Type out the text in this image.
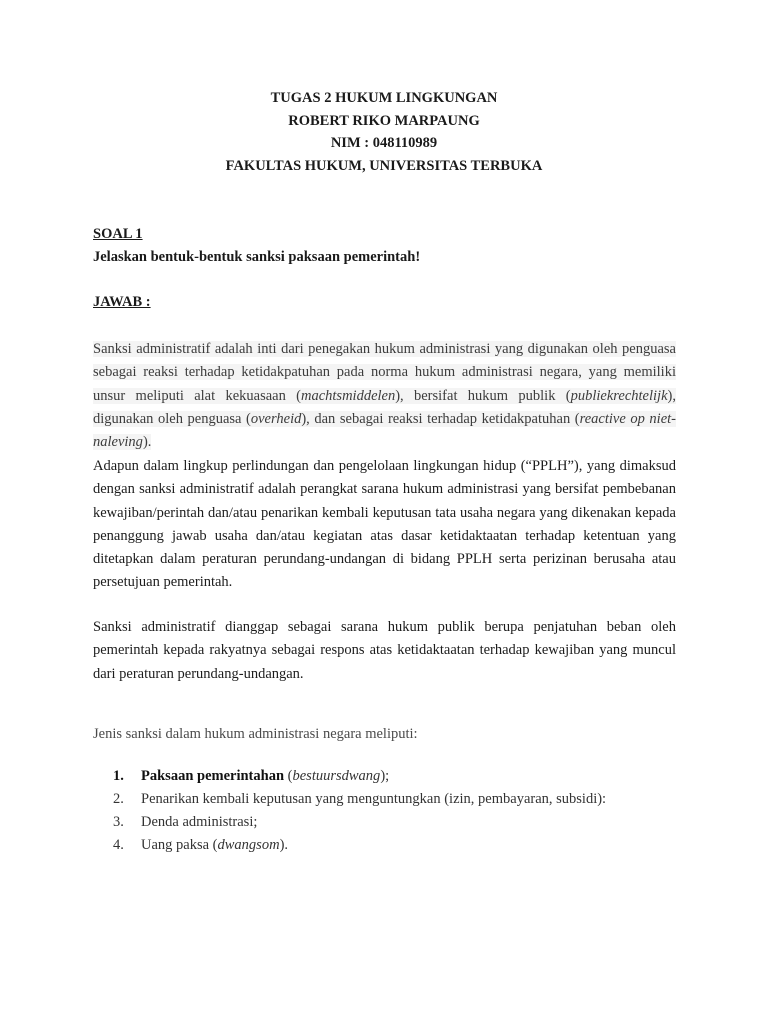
TUGAS 2 HUKUM LINGKUNGAN
ROBERT RIKO MARPAUNG
NIM : 048110989
FAKULTAS HUKUM, UNIVERSITAS TERBUKA
SOAL 1
Jelaskan bentuk-bentuk sanksi paksaan pemerintah!
JAWAB :
Sanksi administratif adalah inti dari penegakan hukum administrasi yang digunakan oleh penguasa sebagai reaksi terhadap ketidakpatuhan pada norma hukum administrasi negara, yang memiliki unsur meliputi alat kekuasaan (machtsmiddelen), bersifat hukum publik (publiekrechtelijk), digunakan oleh penguasa (overheid), dan sebagai reaksi terhadap ketidakpatuhan (reactive op niet-naleving).
Adapun dalam lingkup perlindungan dan pengelolaan lingkungan hidup (“PPLH”), yang dimaksud dengan sanksi administratif adalah perangkat sarana hukum administrasi yang bersifat pembebanan kewajiban/perintah dan/atau penarikan kembali keputusan tata usaha negara yang dikenakan kepada penanggung jawab usaha dan/atau kegiatan atas dasar ketidaktaatan terhadap ketentuan yang ditetapkan dalam peraturan perundang-undangan di bidang PPLH serta perizinan berusaha atau persetujuan pemerintah.
Sanksi administratif dianggap sebagai sarana hukum publik berupa penjatuhan beban oleh pemerintah kepada rakyatnya sebagai respons atas ketidaktaatan terhadap kewajiban yang muncul dari peraturan perundang-undangan.
Jenis sanksi dalam hukum administrasi negara meliputi:
1.	Paksaan pemerintahan (bestuursdwang);
2.	Penarikan kembali keputusan yang menguntungkan (izin, pembayaran, subsidi):
3.	Denda administrasi;
4.	Uang paksa (dwangsom).
